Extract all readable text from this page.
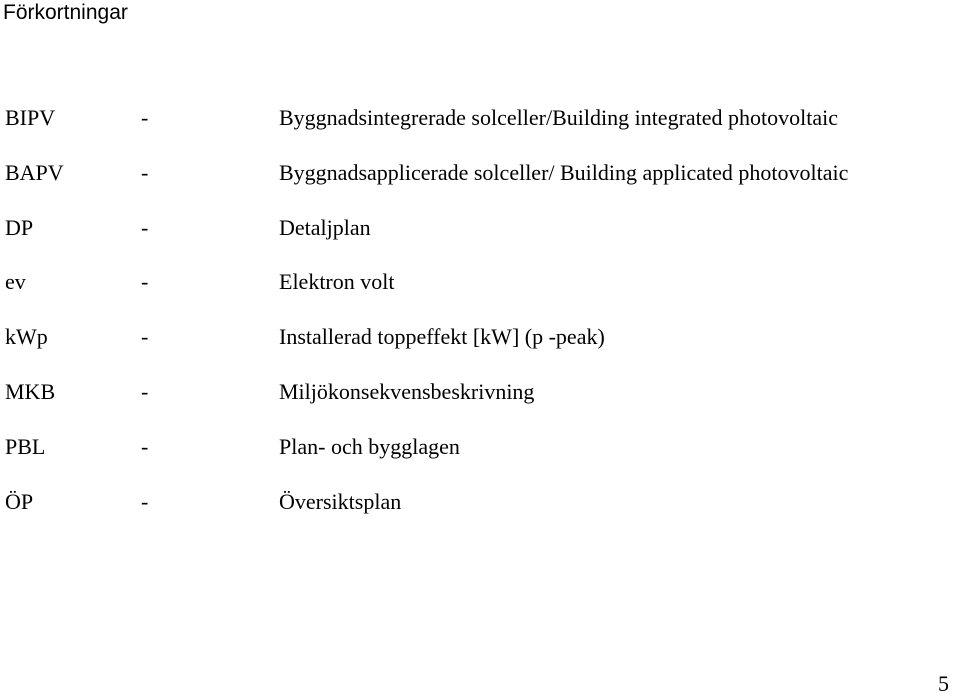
Förkortningar
BIPV	-	Byggnadsintegrerade solceller/Building integrated photovoltaic
BAPV	-	Byggnadsapplicerade solceller/ Building applicated photovoltaic
DP	-	Detaljplan
ev	-	Elektron volt
kWp	-	Installerad toppeffekt [kW] (p -peak)
MKB	-	Miljökonsekvensbeskrivning
PBL	-	Plan- och bygglagen
ÖP	-	Översiktsplan
5
